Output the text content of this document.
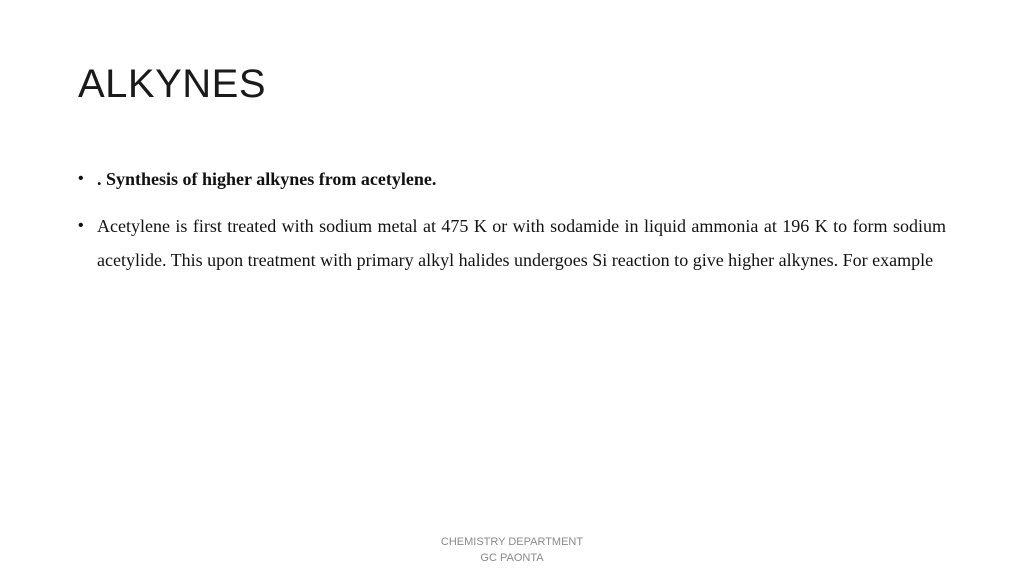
ALKYNES
• . Synthesis of higher alkynes from acetylene.
• Acetylene is first treated with sodium metal at 475 K or with sodamide in liquid ammonia at 196 K to form sodium acetylide. This upon treatment with primary alkyl halides undergoes Si reaction to give higher alkynes. For example
CHEMISTRY DEPARTMENT
GC PAONTA
